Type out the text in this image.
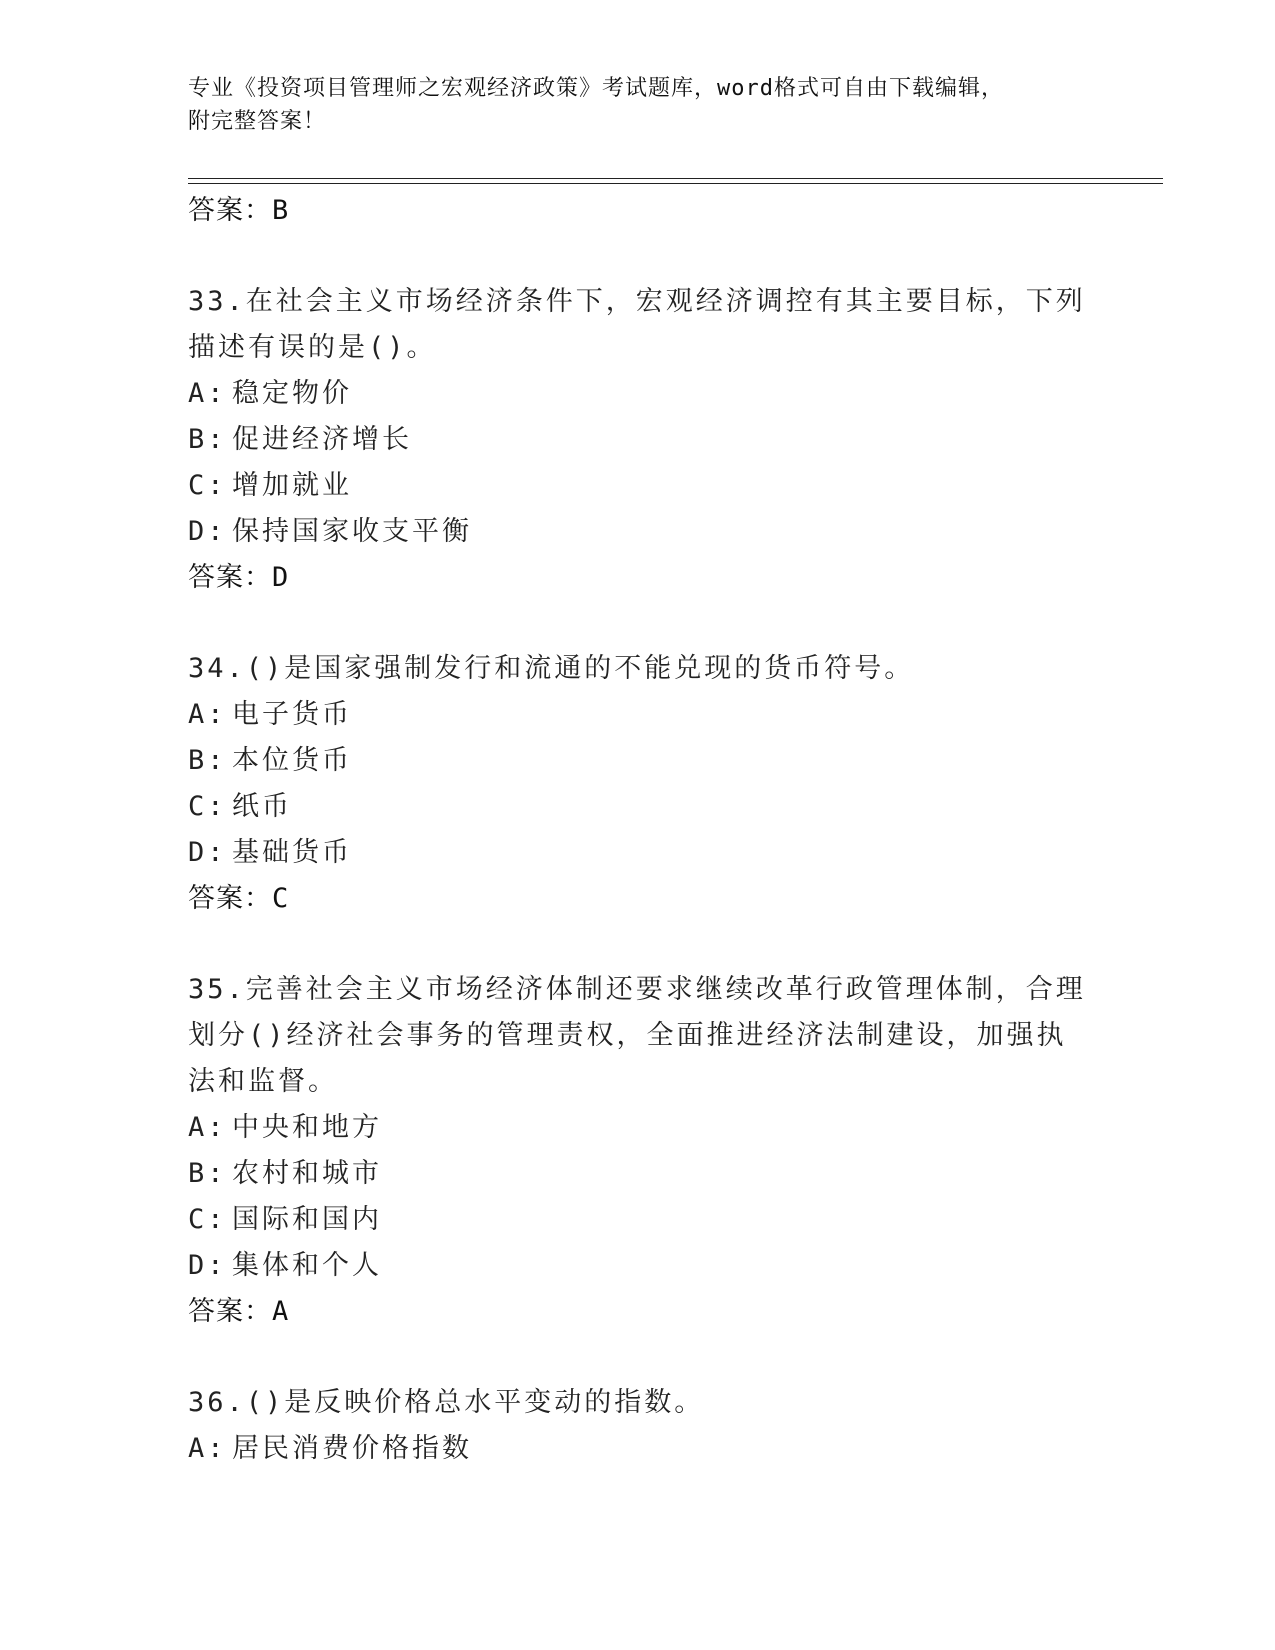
专业《投资项目管理师之宏观经济政策》考试题库，word格式可自由下载编辑，
附完整答案！
答案：B
33.在社会主义市场经济条件下，宏观经济调控有其主要目标，下列描述有误的是()。
A: 稳定物价
B: 促进经济增长
C: 增加就业
D: 保持国家收支平衡
答案：D
34.()是国家强制发行和流通的不能兑现的货币符号。
A: 电子货币
B: 本位货币
C: 纸币
D: 基础货币
答案：C
35.完善社会主义市场经济体制还要求继续改革行政管理体制，合理划分()经济社会事务的管理责权，全面推进经济法制建设，加强执法和监督。
A: 中央和地方
B: 农村和城市
C: 国际和国内
D: 集体和个人
答案：A
36.()是反映价格总水平变动的指数。
A: 居民消费价格指数
